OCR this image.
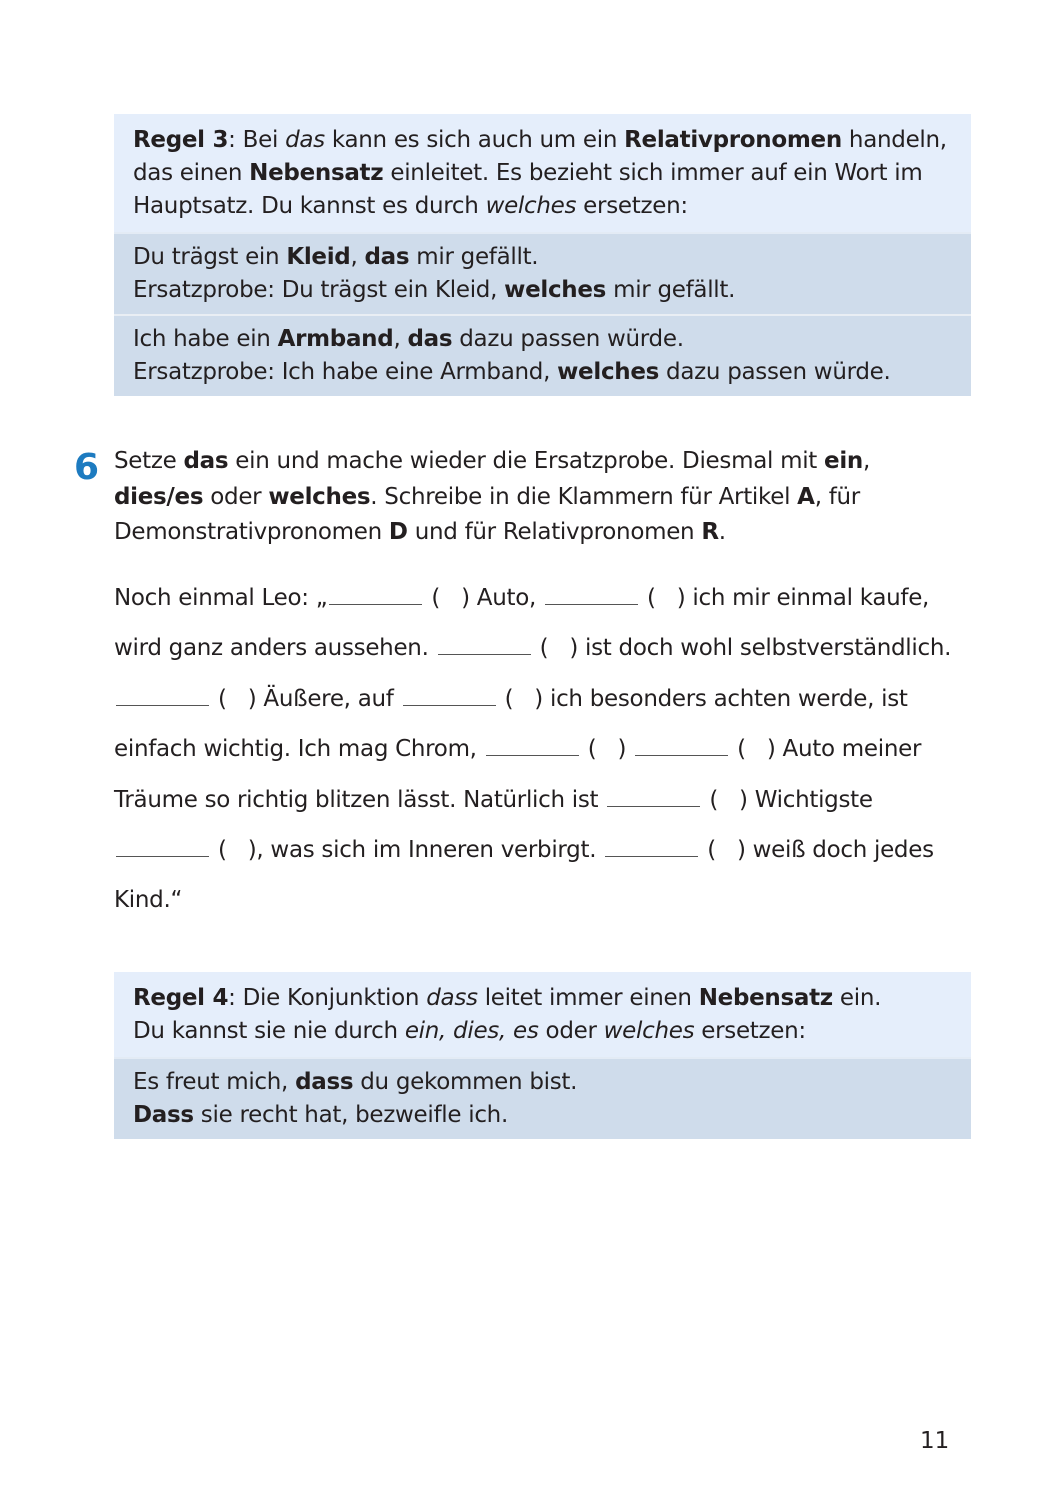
Regel 3: Bei das kann es sich auch um ein Relativpronomen handeln,
das einen Nebensatz einleitet. Es bezieht sich immer auf ein Wort im
Hauptsatz. Du kannst es durch welches ersetzen:
Du trägst ein Kleid, das mir gefällt.
Ersatzprobe: Du trägst ein Kleid, welches mir gefällt.
Ich habe ein Armband, das dazu passen würde.
Ersatzprobe: Ich habe eine Armband, welches dazu passen würde.
6 Setze das ein und mache wieder die Ersatzprobe. Diesmal mit ein,
dies/es oder welches. Schreibe in die Klammern für Artikel A, für
Demonstrativpronomen D und für Relativpronomen R.
Noch einmal Leo: „	(   ) Auto,	(   ) ich mir einmal kaufe,
wird ganz anders aussehen.	(   ) ist doch wohl selbstverständlich.
(   ) Äußere, auf	(   ) ich besonders achten werde, ist
einfach wichtig. Ich mag Chrom,	(   )	(   ) Auto meiner
Träume so richtig blitzen lässt. Natürlich ist	(   ) Wichtigste
(   ), was sich im Inneren verbirgt.	(   ) weiß doch jedes
Kind.“
Regel 4: Die Konjunktion dass leitet immer einen Nebensatz ein.
Du kannst sie nie durch ein, dies, es oder welches ersetzen:
Es freut mich, dass du gekommen bist.
Dass sie recht hat, bezweifle ich.
11
